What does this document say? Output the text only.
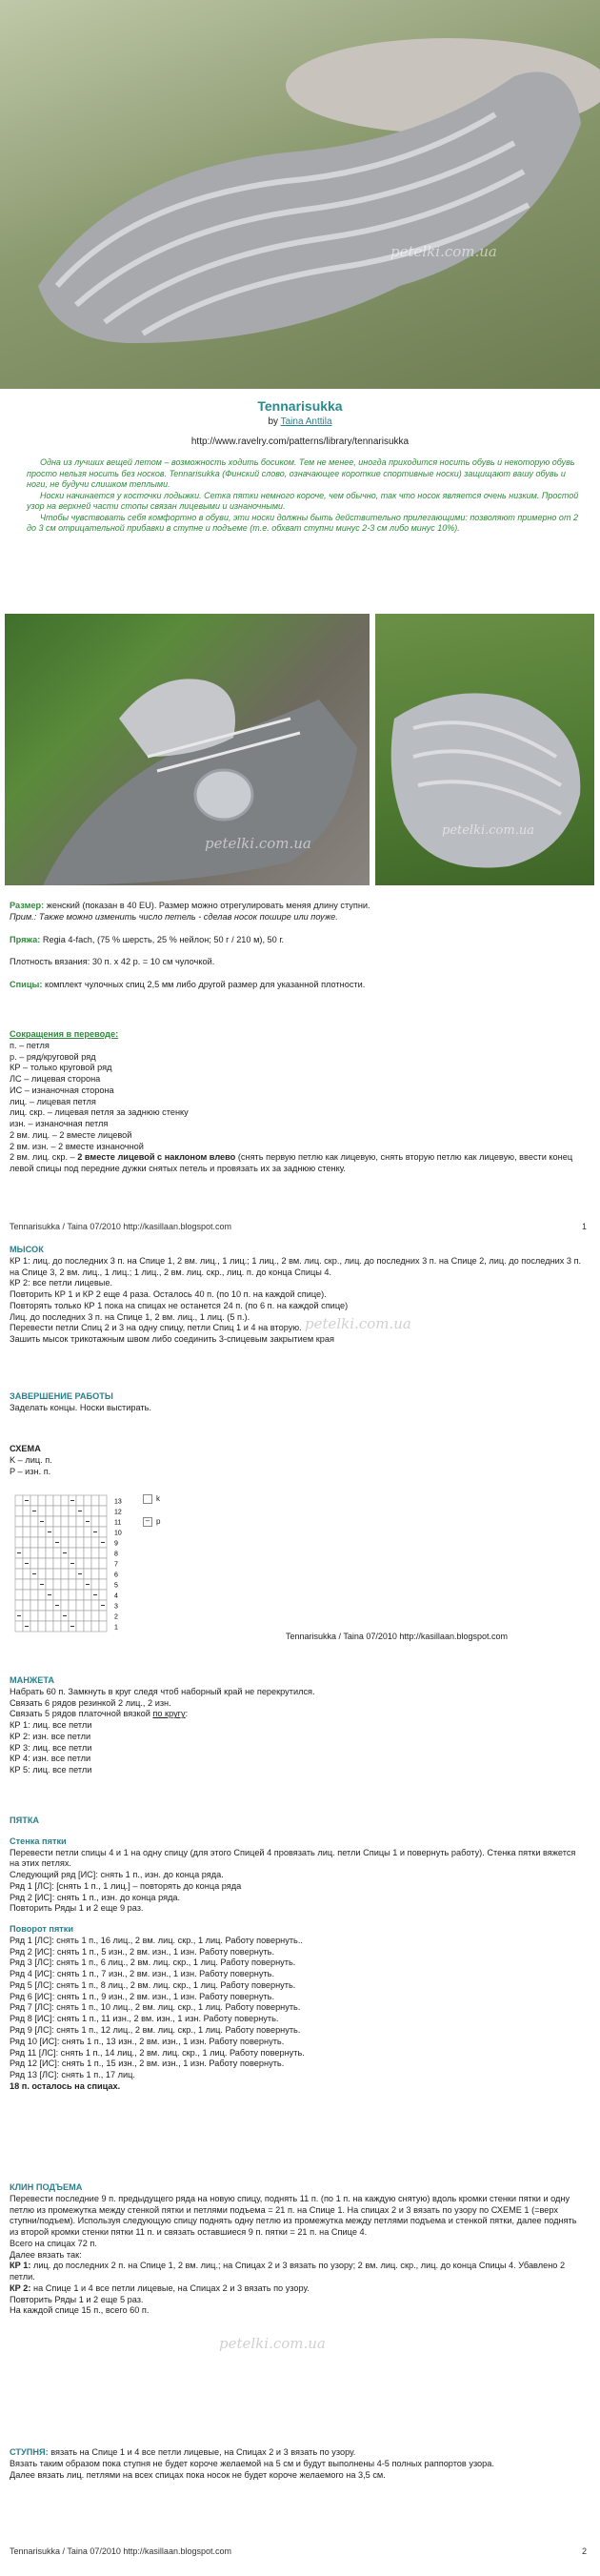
petelki.com.ua
Tennarisukka
by Taina Anttila
http://www.ravelry.com/patterns/library/tennarisukka

Одна из лучших вещей летом – возможность ходить босиком. Тем не менее, иногда приходится носить обувь и некоторую обувь просто нельзя носить без носков. Tennarisukka (Финский слово, означающее короткие спортивные носки) защищают вашу обувь и ноги, не будучи слишком теплыми.

Носки начинается у косточки лодыжки. Сетка пятки немного короче, чем обычно, так что носок является очень низким. Простой узор на верхней части стопы связан лицевыми и изнаночными.

Чтобы чувствовать себя комфортно в обуви, эти носки должны быть действительно прилегающими: позволяют примерно от 2 до 3 см отрицательной прибавки в ступне и подъеме (т.е. обхват ступни минус 2-3 см либо минус 10%).

petelki.com.ua
petelki.com.ua

Размер: женский (показан в 40 EU). Размер можно отрегулировать меняя длину ступни.

Прим.: Также можно изменить число петель - сделав носок пошире или поуже.

Пряжа: Regia 4-fach, (75 % шерсть, 25 % нейлон; 50 г / 210 м), 50 г.

Плотность вязания: 30 п. х 42 р. = 10 см чулочкой.

Спицы: комплект чулочных спиц 2,5 мм либо другой размер для указанной плотности.

Сокращения в переводе:

п. – петля

р. – ряд/круговой ряд

КР – только круговой ряд

ЛС – лицевая сторона

ИС – изнаночная сторона

лиц. – лицевая петля

лиц. скр. – лицевая петля за заднюю стенку

изн. – изнаночная петля

2 вм. лиц. – 2 вместе лицевой

2 вм. изн. – 2 вместе изнаночной

2 вм. лиц. скр. – 2 вместе лицевой с наклоном влево (снять первую петлю как лицевую, снять вторую петлю как лицевую, ввести конец левой спицы под передние дужки снятых петель и провязать их за заднюю стенку.

Tennarisukka / Taina 07/2010 http://kasillaan.blogspot.com	1

МЫСОК

КР 1: лиц. до последних 3 п. на Спице 1, 2 вм. лиц., 1 лиц.; 1 лиц., 2 вм. лиц. скр., лиц. до последних 3 п. на Спице 2, лиц. до последних 3 п. на Спице 3, 2 вм. лиц., 1 лиц.; 1 лиц., 2 вм. лиц. скр., лиц. п. до конца Спицы 4.

КР 2: все петли лицевые.

Повторить КР 1 и КР 2 еще 4 раза. Осталось 40 п. (по 10 п. на каждой спице).

Повторять только КР 1 пока на спицах не останется 24 п. (по 6 п. на каждой спице)

Лиц. до последних 3 п. на Спице 1, 2 вм. лиц., 1 лиц. (5 п.).

Перевести петли Спиц 2 и 3 на одну спицу, петли Спиц 1 и 4 на вторую.

Зашить мысок трикотажным швом либо соединить 3-спицевым закрытием края

petelki.com.ua

ЗАВЕРШЕНИЕ РАБОТЫ

Заделать концы. Носки выстирать.

СХЕМА

K – лиц. п.

P – изн. п.

13
12
11
10
9
8
7
6
5
4
3
2
1
k
– p
Tennarisukka / Taina 07/2010 http://kasillaan.blogspot.com

МАНЖЕТА

Набрать 60 п. Замкнуть в круг следя чтоб наборный край не перекрутился.

Связать 6 рядов резинкой 2 лиц., 2 изн.

Связать 5 рядов платочной вязкой по кругу:

КР 1: лиц. все петли

КР 2: изн. все петли

КР 3: лиц. все петли

КР 4: изн. все петли

КР 5: лиц. все петли

ПЯТКА

Стенка пятки

Перевести петли спицы 4 и 1 на одну спицу (для этого Спицей 4 провязать лиц. петли Спицы 1 и повернуть работу). Стенка пятки вяжется на этих петлях.

Следующий ряд [ИС]: снять 1 п., изн. до конца ряда.

Ряд 1 [ЛС]: [снять 1 п., 1 лиц.] – повторять до конца ряда

Ряд 2 [ИС]: снять 1 п., изн. до конца ряда.

Повторить Ряды 1 и 2 еще 9 раз.

Поворот пятки

Ряд 1 [ЛС]: снять 1 п., 16 лиц., 2 вм. лиц. скр., 1 лиц. Работу повернуть..

Ряд 2 [ИС]: снять 1 п., 5 изн., 2 вм. изн., 1 изн. Работу повернуть.

Ряд 3 [ЛС]: снять 1 п., 6 лиц., 2 вм. лиц. скр., 1 лиц. Работу повернуть.

Ряд 4 [ИС]: снять 1 п., 7 изн., 2 вм. изн., 1 изн. Работу повернуть.

Ряд 5 [ЛС]: снять 1 п., 8 лиц., 2 вм. лиц. скр., 1 лиц. Работу повернуть.

Ряд 6 [ИС]: снять 1 п., 9 изн., 2 вм. изн., 1 изн. Работу повернуть.

Ряд 7 [ЛС]: снять 1 п., 10 лиц., 2 вм. лиц. скр., 1 лиц. Работу повернуть.

Ряд 8 [ИС]: снять 1 п., 11 изн., 2 вм. изн., 1 изн. Работу повернуть.

Ряд 9 [ЛС]: снять 1 п., 12 лиц., 2 вм. лиц. скр., 1 лиц. Работу повернуть.

Ряд 10 [ИС]: снять 1 п., 13 изн., 2 вм. изн., 1 изн. Работу повернуть.

Ряд 11 [ЛС]: снять 1 п., 14 лиц., 2 вм. лиц. скр., 1 лиц. Работу повернуть.

Ряд 12 [ИС]: снять 1 п., 15 изн., 2 вм. изн., 1 изн. Работу повернуть.

Ряд 13 [ЛС]: снять 1 п., 17 лиц.

18 п. осталось на спицах.

КЛИН ПОДЪЕМА

Перевести последние 9 п. предыдущего ряда на новую спицу, поднять 11 п. (по 1 п. на каждую снятую) вдоль кромки стенки пятки и одну петлю из промежутка между стенкой пятки и петлями подъема = 21 п. на Спице 1. На спицах 2 и 3 вязать по узору по СХЕМЕ 1 (=верх ступни/подъем). Используя следующую спицу поднять одну петлю из промежутка между петлями подъема и стенкой пятки, далее поднять из второй кромки стенки пятки 11 п. и связать оставшиеся 9 п. пятки = 21 п. на Спице 4.

Всего на спицах 72 п.

Далее вязать так:

КР 1: лиц. до последних 2 п. на Спице 1, 2 вм. лиц.; на Спицах 2 и 3 вязать по узору; 2 вм. лиц. скр., лиц. до конца Спицы 4. Убавлено 2 петли.

КР 2: на Спице 1 и 4 все петли лицевые, на Спицах 2 и 3 вязать по узору.

Повторить Ряды 1 и 2 еще 5 раз.

На каждой спице 15 п., всего 60 п.

petelki.com.ua

СТУПНЯ: вязать на Спице 1 и 4 все петли лицевые, на Спицах 2 и 3 вязать по узору.

Вязать таким образом пока ступня не будет короче желаемой на 5 см и будут выполнены 4-5 полных раппортов узора.

Далее вязать лиц. петлями на всех спицах пока носок не будет короче желаемого на 3,5 см.

Tennarisukka / Taina 07/2010 http://kasillaan.blogspot.com	2
